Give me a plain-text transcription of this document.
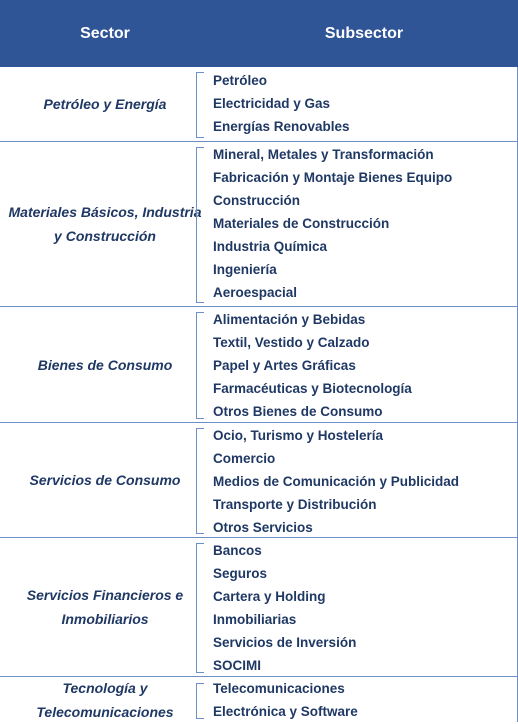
Sector	Subsector
Petróleo y Energía
Petróleo
Electricidad y Gas
Energías Renovables
Materiales Básicos, Industria y Construcción
Mineral, Metales y Transformación
Fabricación y Montaje Bienes Equipo
Construcción
Materiales de Construcción
Industria Química
Ingeniería
Aeroespacial
Bienes de Consumo
Alimentación y Bebidas
Textil, Vestido y Calzado
Papel y Artes Gráficas
Farmacéuticas y Biotecnología
Otros Bienes de Consumo
Servicios de Consumo
Ocio, Turismo y Hostelería
Comercio
Medios de Comunicación y Publicidad
Transporte y Distribución
Otros Servicios
Servicios Financieros e Inmobiliarios
Bancos
Seguros
Cartera y Holding
Inmobiliarias
Servicios de Inversión
SOCIMI
Tecnología y Telecomunicaciones
Telecomunicaciones
Electrónica y Software
